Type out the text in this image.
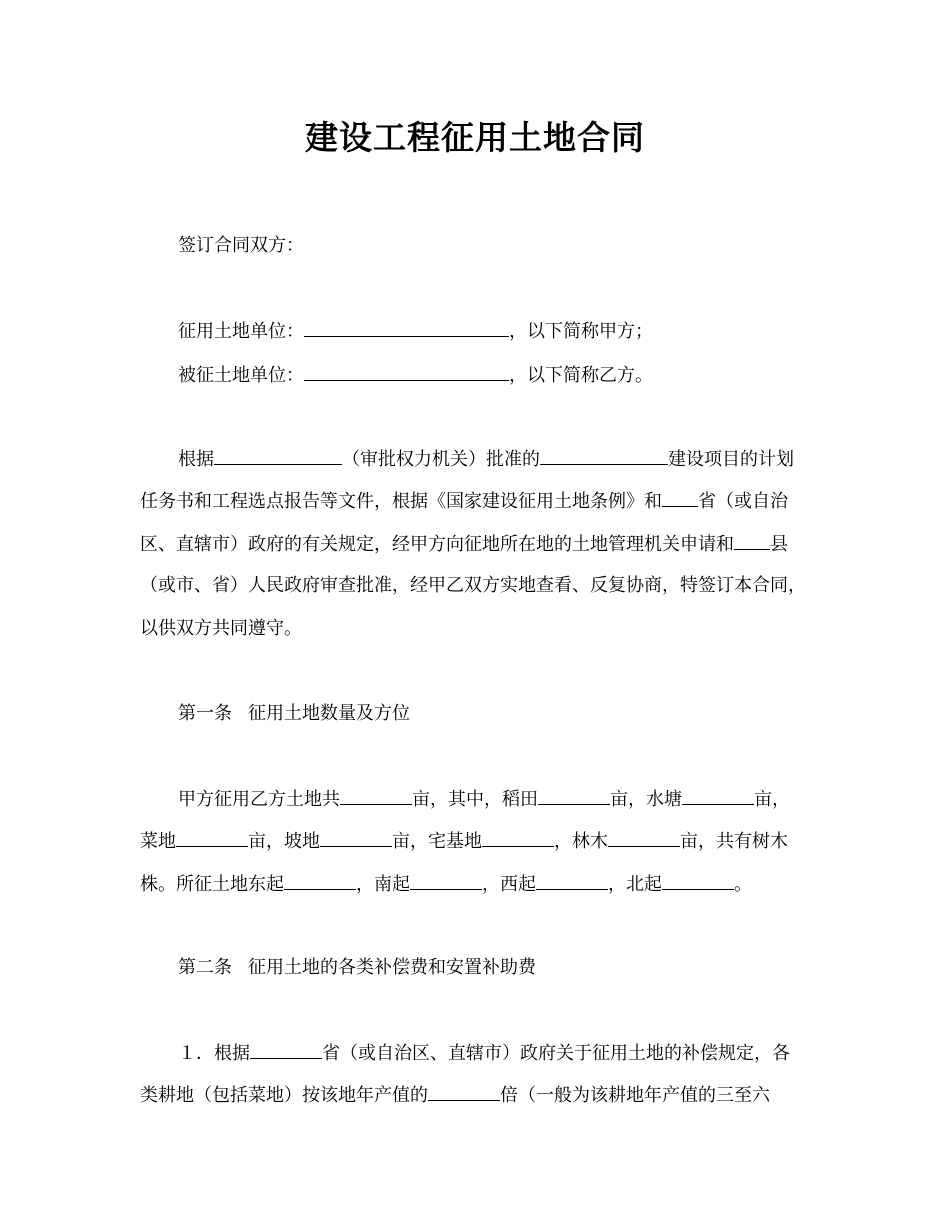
建设工程征用土地合同
签订合同双方：
征用土地单位：	，以下简称甲方；
被征土地单位：	，以下简称乙方。
根据	（审批权力机关）批准的	建设项目的计划
任务书和工程选点报告等文件，根据《国家建设征用土地条例》和 省（或自治
区、直辖市）政府的有关规定，经甲方向征地所在地的土地管理机关申请和 县
（或市、省）人民政府审查批准，经甲乙双方实地查看、反复协商，特签订本合同，
以供双方共同遵守。
第一条 征用土地数量及方位
甲方征用乙方土地共	亩，其中，稻田	亩，水塘	亩，
菜地	亩，坡地	亩，宅基地	，林木	亩，共有树木
株。所征土地东起	，南起	，西起	，北起	。
第二条 征用土地的各类补偿费和安置补助费
１．根据	省（或自治区、直辖市）政府关于征用土地的补偿规定，各
类耕地（包括菜地）按该地年产值的	倍（一般为该耕地年产值的三至六
